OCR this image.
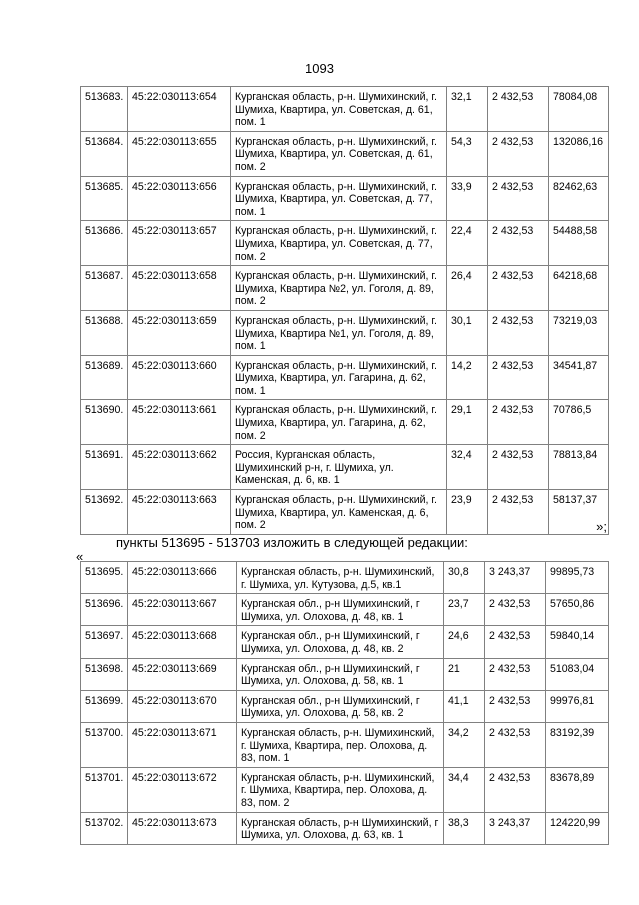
1093
513683.	45:22:030113:654	Курганская область, р-н. Шумихинский, г. Шумиха, Квартира, ул. Советская, д. 61, пом. 1	32,1	2 432,53	78084,08
513684.	45:22:030113:655	Курганская область, р-н. Шумихинский, г. Шумиха, Квартира, ул. Советская, д. 61, пом. 2	54,3	2 432,53	132086,16
513685.	45:22:030113:656	Курганская область, р-н. Шумихинский, г. Шумиха, Квартира, ул. Советская, д. 77, пом. 1	33,9	2 432,53	82462,63
513686.	45:22:030113:657	Курганская область, р-н. Шумихинский, г. Шумиха, Квартира, ул. Советская, д. 77, пом. 2	22,4	2 432,53	54488,58
513687.	45:22:030113:658	Курганская область, р-н. Шумихинский, г. Шумиха, Квартира №2, ул. Гоголя, д. 89, пом. 2	26,4	2 432,53	64218,68
513688.	45:22:030113:659	Курганская область, р-н. Шумихинский, г. Шумиха, Квартира №1, ул. Гоголя, д. 89, пом. 1	30,1	2 432,53	73219,03
513689.	45:22:030113:660	Курганская область, р-н. Шумихинский, г. Шумиха, Квартира, ул. Гагарина, д. 62, пом. 1	14,2	2 432,53	34541,87
513690.	45:22:030113:661	Курганская область, р-н. Шумихинский, г. Шумиха, Квартира, ул. Гагарина, д. 62, пом. 2	29,1	2 432,53	70786,5
513691.	45:22:030113:662	Россия, Курганская область, Шумихинский р-н, г. Шумиха, ул. Каменская, д. 6, кв. 1	32,4	2 432,53	78813,84
513692.	45:22:030113:663	Курганская область, р-н. Шумихинский, г. Шумиха, Квартира, ул. Каменская, д. 6, пом. 2	23,9	2 432,53	58137,37
»;
пункты 513695 - 513703 изложить в следующей редакции:
«
513695.	45:22:030113:666	Курганская область, р-н. Шумихинский, г. Шумиха, ул. Кутузова, д.5, кв.1	30,8	3 243,37	99895,73
513696.	45:22:030113:667	Курганская обл., р-н Шумихинский, г Шумиха, ул. Олохова, д. 48, кв. 1	23,7	2 432,53	57650,86
513697.	45:22:030113:668	Курганская обл., р-н Шумихинский, г Шумиха, ул. Олохова, д. 48, кв. 2	24,6	2 432,53	59840,14
513698.	45:22:030113:669	Курганская обл., р-н Шумихинский, г Шумиха, ул. Олохова, д. 58, кв. 1	21	2 432,53	51083,04
513699.	45:22:030113:670	Курганская обл., р-н Шумихинский, г Шумиха, ул. Олохова, д. 58, кв. 2	41,1	2 432,53	99976,81
513700.	45:22:030113:671	Курганская область, р-н. Шумихинский, г. Шумиха, Квартира, пер. Олохова, д. 83, пом. 1	34,2	2 432,53	83192,39
513701.	45:22:030113:672	Курганская область, р-н. Шумихинский, г. Шумиха, Квартира, пер. Олохова, д. 83, пом. 2	34,4	2 432,53	83678,89
513702.	45:22:030113:673	Курганская область, р-н Шумихинский, г Шумиха, ул. Олохова, д. 63, кв. 1	38,3	3 243,37	124220,99
